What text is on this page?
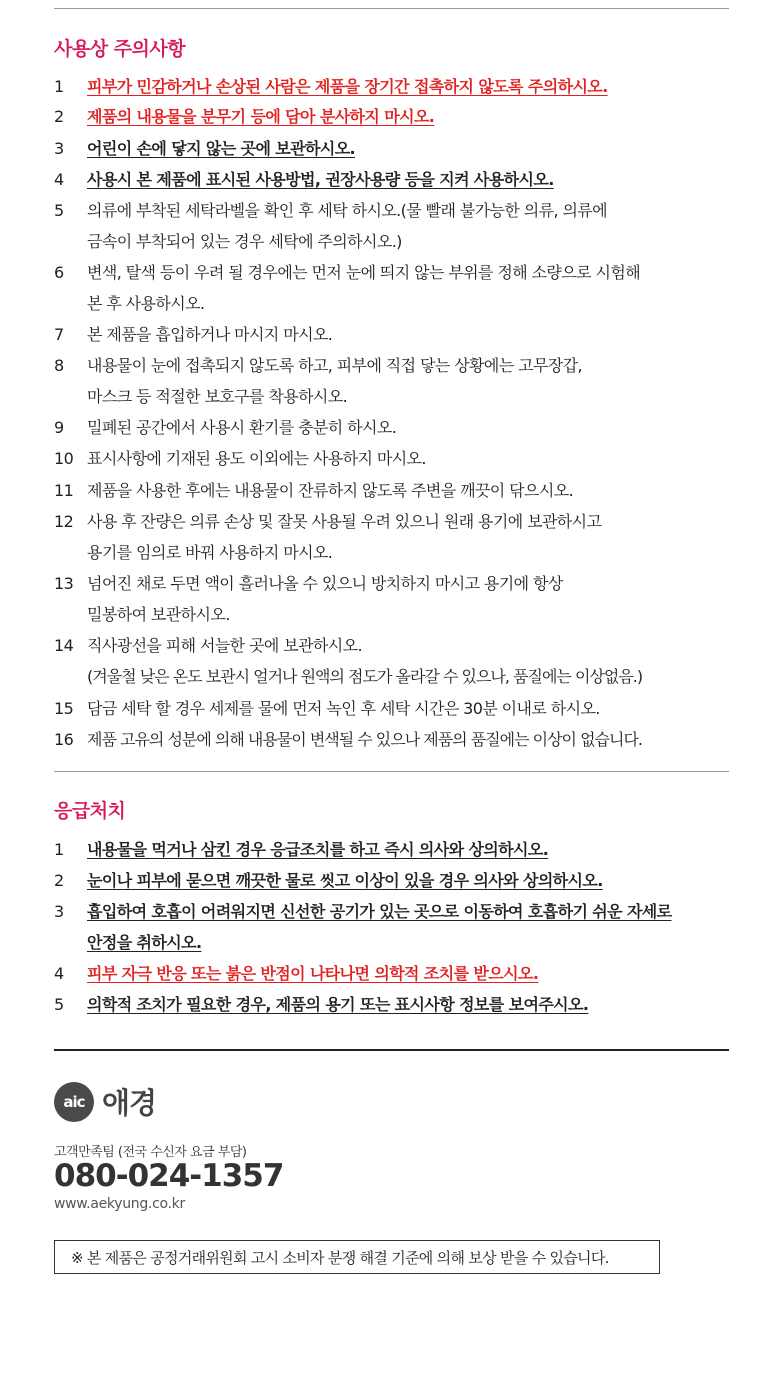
사용상 주의사항
1	피부가 민감하거나 손상된 사람은 제품을 장기간 접촉하지 않도록 주의하시오.
2	제품의 내용물을 분무기 등에 담아 분사하지 마시오.
3	어린이 손에 닿지 않는 곳에 보관하시오.
4	사용시 본 제품에 표시된 사용방법, 권장사용량 등을 지켜 사용하시오.
5	의류에 부착된 세탁라벨을 확인 후 세탁 하시오.(물 빨래 불가능한 의류, 의류에
금속이 부착되어 있는 경우 세탁에 주의하시오.)
6	변색, 탈색 등이 우려 될 경우에는 먼저 눈에 띄지 않는 부위를 정해 소량으로 시험해
본 후 사용하시오.
7	본 제품을 흡입하거나 마시지 마시오.
8	내용물이 눈에 접촉되지 않도록 하고, 피부에 직접 닿는 상황에는 고무장갑,
마스크 등 적절한 보호구를 착용하시오.
9	밀폐된 공간에서 사용시 환기를 충분히 하시오.
10 표시사항에 기재된 용도 이외에는 사용하지 마시오.
11 제품을 사용한 후에는 내용물이 잔류하지 않도록 주변을 깨끗이 닦으시오.
12 사용 후 잔량은 의류 손상 및 잘못 사용될 우려 있으니 원래 용기에 보관하시고
용기를 임의로 바꿔 사용하지 마시오.
13 넘어진 채로 두면 액이 흘러나올 수 있으니 방치하지 마시고 용기에 항상
밀봉하여 보관하시오.
14 직사광선을 피해 서늘한 곳에 보관하시오.
(겨울철 낮은 온도 보관시 얼거나 원액의 점도가 올라갈 수 있으나, 품질에는 이상없음.)
15 담금 세탁 할 경우 세제를 물에 먼저 녹인 후 세탁 시간은 30분 이내로 하시오.
16 제품 고유의 성분에 의해 내용물이 변색될 수 있으나 제품의 품질에는 이상이 없습니다.
응급처치
1	내용물을 먹거나 삼킨 경우 응급조치를 하고 즉시 의사와 상의하시오.
2	눈이나 피부에 묻으면 깨끗한 물로 씻고 이상이 있을 경우 의사와 상의하시오.
3	흡입하여 호흡이 어려워지면 신선한 공기가 있는 곳으로 이동하여 호흡하기 쉬운 자세로
안정을 취하시오.
4	피부 자극 반응 또는 붉은 반점이 나타나면 의학적 조치를 받으시오.
5	의학적 조치가 필요한 경우, 제품의 용기 또는 표시사항 정보를 보여주시오.
aic 애경
고객만족팀 (전국 수신자 요금 부담)
080-024-1357
www.aekyung.co.kr
※ 본 제품은 공정거래위원회 고시 소비자 분쟁 해결 기준에 의해 보상 받을 수 있습니다.
